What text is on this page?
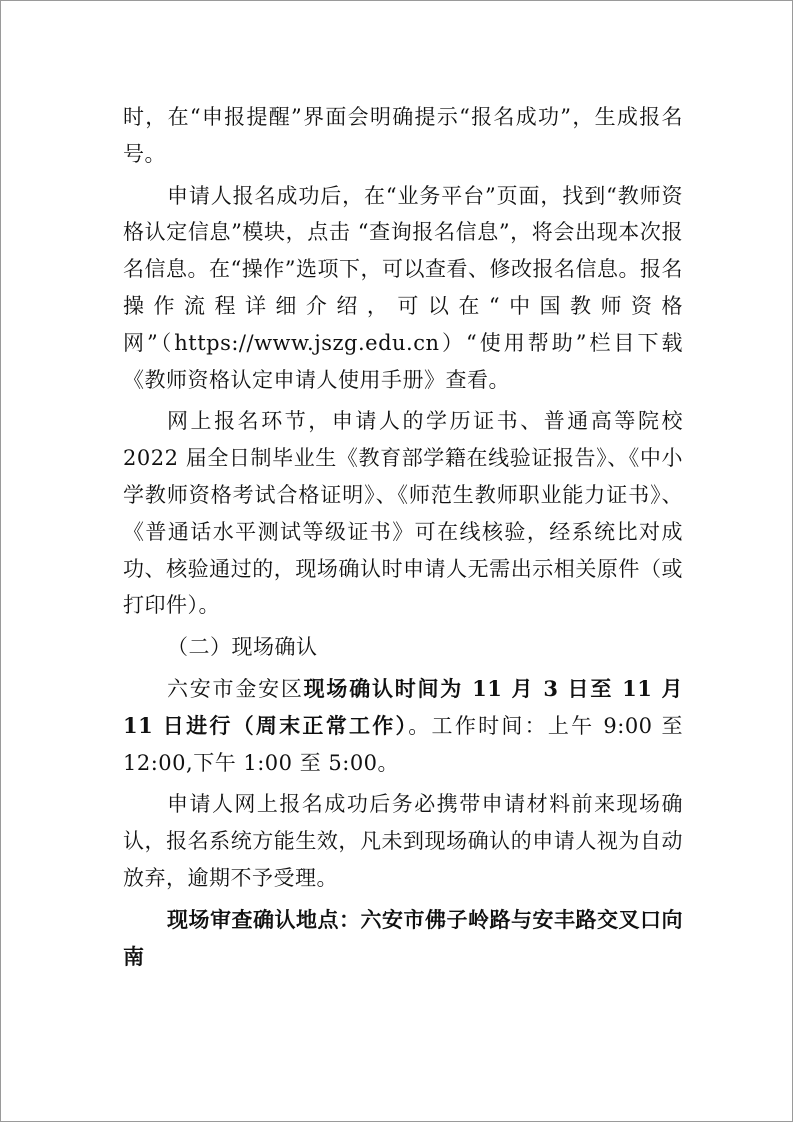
时，在“申报提醒”界面会明确提示“报名成功”，生成报名号。

申请人报名成功后，在“业务平台”页面，找到“教师资格认定信息”模块，点击 “查询报名信息”，将会出现本次报名信息。在“操作”选项下，可以查看、修改报名信息。报名操作流程详细介绍，可以在“中国教师资格网”（https://www.jszg.edu.cn）“使用帮助”栏目下载《教师资格认定申请人使用手册》查看。

网上报名环节，申请人的学历证书、普通高等院校 2022 届全日制毕业生《教育部学籍在线验证报告》、《中小学教师资格考试合格证明》、《师范生教师职业能力证书》、《普通话水平测试等级证书》可在线核验，经系统比对成功、核验通过的，现场确认时申请人无需出示相关原件（或打印件）。

（二）现场确认

六安市金安区现场确认时间为 11 月 3 日至 11 月 11 日进行（周末正常工作）。工作时间：上午 9:00 至 12:00,下午 1:00 至 5:00。

申请人网上报名成功后务必携带申请材料前来现场确认，报名系统方能生效，凡未到现场确认的申请人视为自动放弃，逾期不予受理。

现场审查确认地点：六安市佛子岭路与安丰路交叉口向南
